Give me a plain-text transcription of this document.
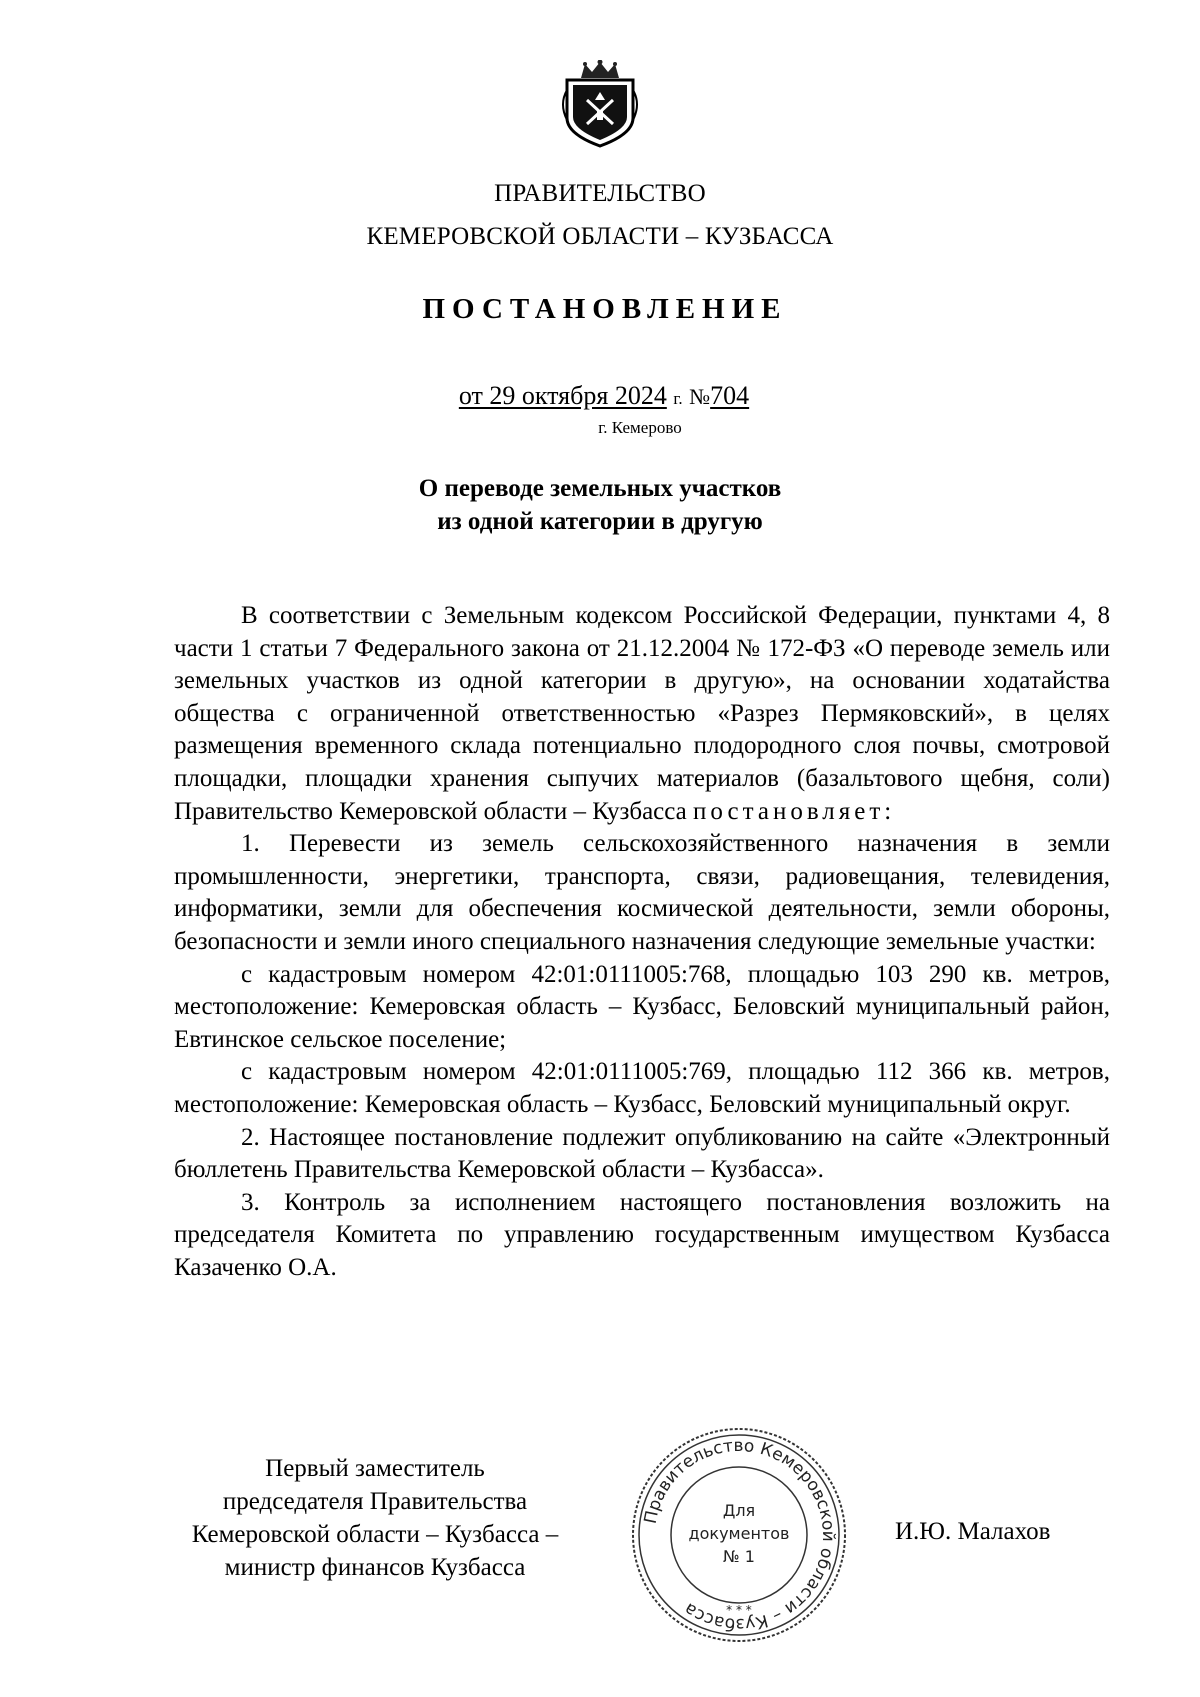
ПРАВИТЕЛЬСТВО
КЕМЕРОВСКОЙ ОБЛАСТИ – КУЗБАССА
ПОСТАНОВЛЕНИЕ
от 29 октября 2024 г. №704
г. Кемерово
О переводе земельных участков
из одной категории в другую

В соответствии с Земельным кодексом Российской Федерации, пунктами 4, 8 части 1 статьи 7 Федерального закона от 21.12.2004 № 172-ФЗ «О переводе земель или земельных участков из одной категории в другую», на основании ходатайства общества с ограниченной ответственностью «Разрез Пермяковский», в целях размещения временного склада потенциально плодородного слоя почвы, смотровой площадки, площадки хранения сыпучих материалов (базальтового щебня, соли) Правительство Кемеровской области – Кузбасса постановляет:

1. Перевести из земель сельскохозяйственного назначения в земли промышленности, энергетики, транспорта, связи, радиовещания, телевидения, информатики, земли для обеспечения космической деятельности, земли обороны, безопасности и земли иного специального назначения следующие земельные участки:

с кадастровым номером 42:01:0111005:768, площадью 103 290 кв. метров, местоположение: Кемеровская область – Кузбасс, Беловский муниципальный район, Евтинское сельское поселение;

с кадастровым номером 42:01:0111005:769, площадью 112 366 кв. метров, местоположение: Кемеровская область – Кузбасс, Беловский муниципальный округ.

2. Настоящее постановление подлежит опубликованию на сайте «Электронный бюллетень Правительства Кемеровской области – Кузбасса».

3. Контроль за исполнением настоящего постановления возложить на председателя Комитета по управлению государственным имуществом Кузбасса Казаченко О.А.

Первый заместитель
председателя Правительства
Кемеровской области – Кузбасса –
министр финансов Кузбасса
И.Ю. Малахов
Правительство Кемеровской области – Кузбасса	* * *
Для
документов
№ 1
